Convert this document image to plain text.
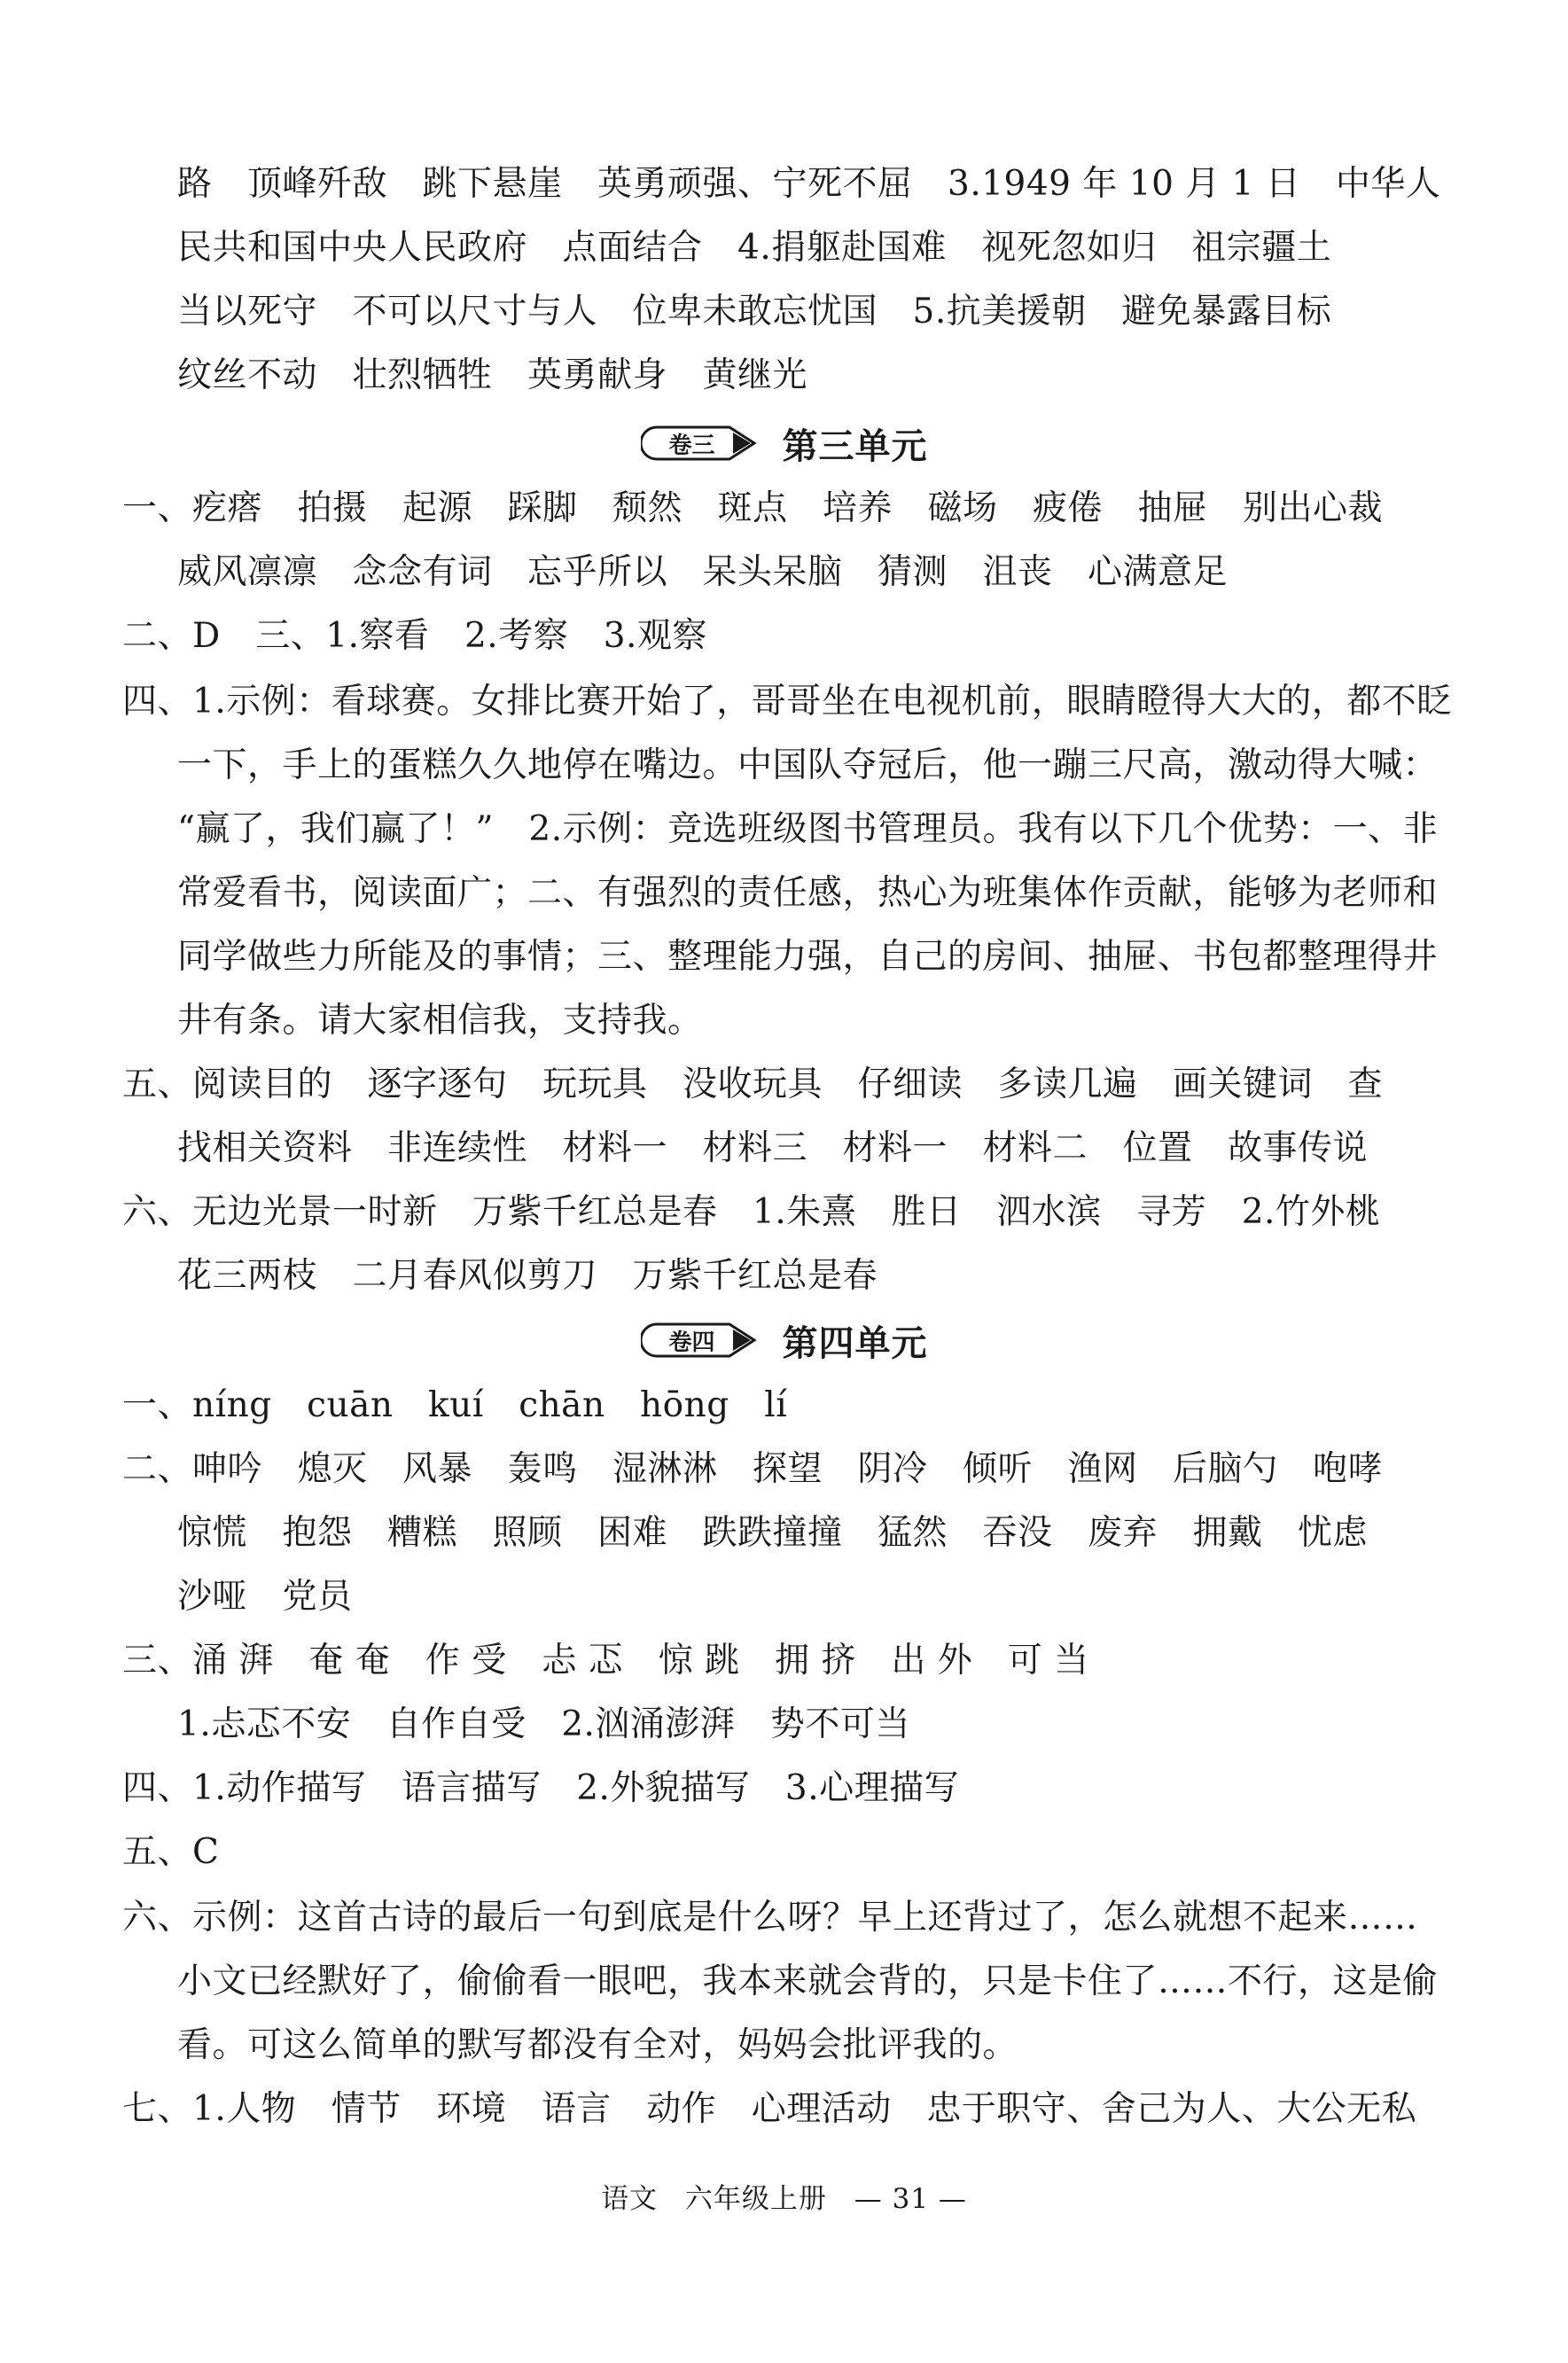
路　顶峰歼敌　跳下悬崖　英勇顽强、宁死不屈　3.1949 年 10 月 1 日　中华人
民共和国中央人民政府　点面结合　4.捐躯赴国难　视死忽如归　祖宗疆土
当以死守　不可以尺寸与人　位卑未敢忘忧国　5.抗美援朝　避免暴露目标
纹丝不动　壮烈牺牲　英勇献身　黄继光
卷三 第三单元
一、疙瘩　拍摄　起源　踩脚　颓然　斑点　培养　磁场　疲倦　抽屉　别出心裁
威风凛凛　念念有词　忘乎所以　呆头呆脑　猜测　沮丧　心满意足
二、D　三、1.察看　2.考察　3.观察
四、1.示例：看球赛。女排比赛开始了，哥哥坐在电视机前，眼睛瞪得大大的，都不眨
一下，手上的蛋糕久久地停在嘴边。中国队夺冠后，他一蹦三尺高，激动得大喊：
“赢了，我们赢了！”　2.示例：竞选班级图书管理员。我有以下几个优势：一、非
常爱看书，阅读面广；二、有强烈的责任感，热心为班集体作贡献，能够为老师和
同学做些力所能及的事情；三、整理能力强，自己的房间、抽屉、书包都整理得井
井有条。请大家相信我，支持我。
五、阅读目的　逐字逐句　玩玩具　没收玩具　仔细读　多读几遍　画关键词　查
找相关资料　非连续性　材料一　材料三　材料一　材料二　位置　故事传说
六、无边光景一时新　万紫千红总是春　1.朱熹　胜日　泗水滨　寻芳　2.竹外桃
花三两枝　二月春风似剪刀　万紫千红总是春
卷四 第四单元
一、níng　cuān　kuí　chān　hōng　lí
二、呻吟　熄灭　风暴　轰鸣　湿淋淋　探望　阴冷　倾听　渔网　后脑勺　咆哮
惊慌　抱怨　糟糕　照顾　困难　跌跌撞撞　猛然　吞没　废弃　拥戴　忧虑
沙哑　党员
三、涌 湃　奄 奄　作 受　忐 忑　惊 跳　拥 挤　出 外　可 当
1.忐忑不安　自作自受　2.汹涌澎湃　势不可当
四、1.动作描写　语言描写　2.外貌描写　3.心理描写
五、C
六、示例：这首古诗的最后一句到底是什么呀？早上还背过了，怎么就想不起来……
小文已经默好了，偷偷看一眼吧，我本来就会背的，只是卡住了……不行，这是偷
看。可这么简单的默写都没有全对，妈妈会批评我的。
七、1.人物　情节　环境　语言　动作　心理活动　忠于职守、舍己为人、大公无私
语文 六年级上册 — 31 —
